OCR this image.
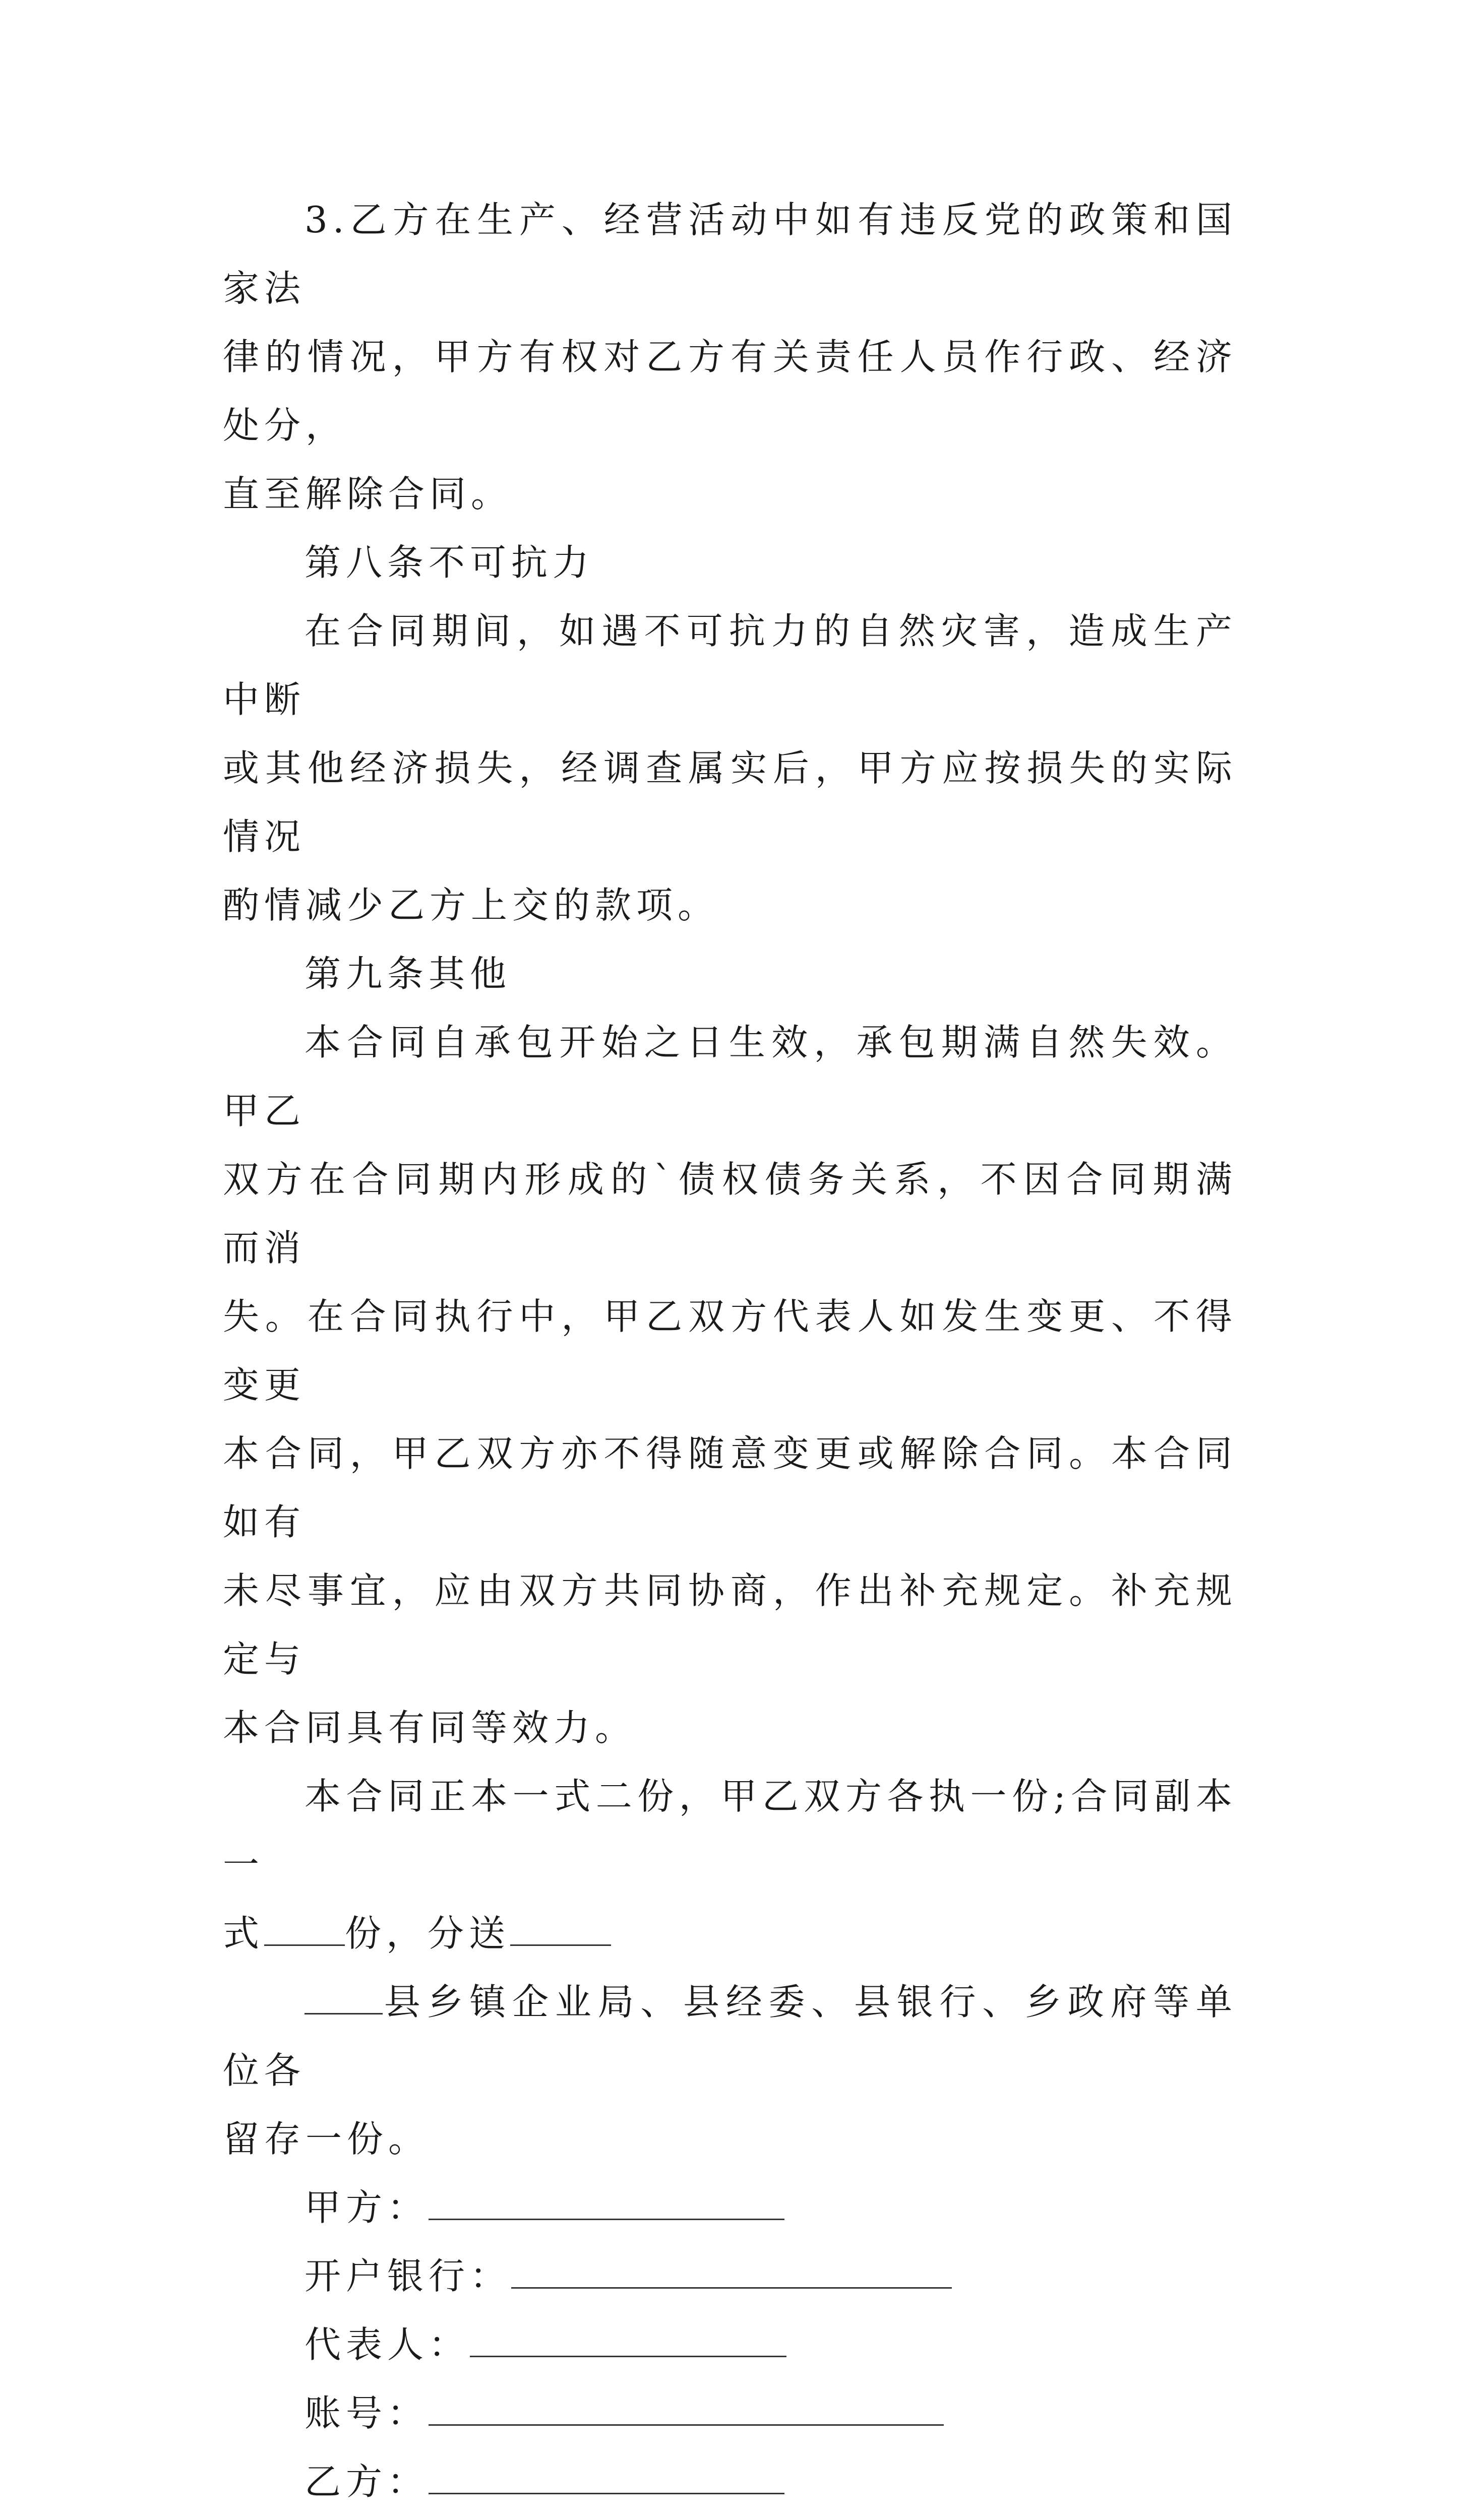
3.乙方在生产、经营活动中如有违反党的政策和国家法
律的情况，甲方有权对乙方有关责任人员作行政、经济处分，
直至解除合同。

第八条不可抗力

在合同期间，如遇不可抗力的自然灾害，造成生产中断
或其他经济损失，经调查属实后，甲方应按损失的实际情况
酌情减少乙方上交的款项。

第九条其他

本合同自承包开始之日生效，承包期满自然失效。甲乙
双方在合同期内形成的`债权债务关系，不因合同期满而消
失。在合同执行中，甲乙双方代表人如发生变更、不得变更
本合同，甲乙双方亦不得随意变更或解除合同。本合同如有
未尽事宜，应由双方共同协商，作出补充规定。补充规定与
本合同具有同等效力。

本合同正本一式二份，甲乙双方各执一份;合同副本一
式 份，分送

县乡镇企业局、县经委、县银行、乡政府等单位各
留存一份。

甲方：
开户银行：
代表人：
账号：
乙方：
